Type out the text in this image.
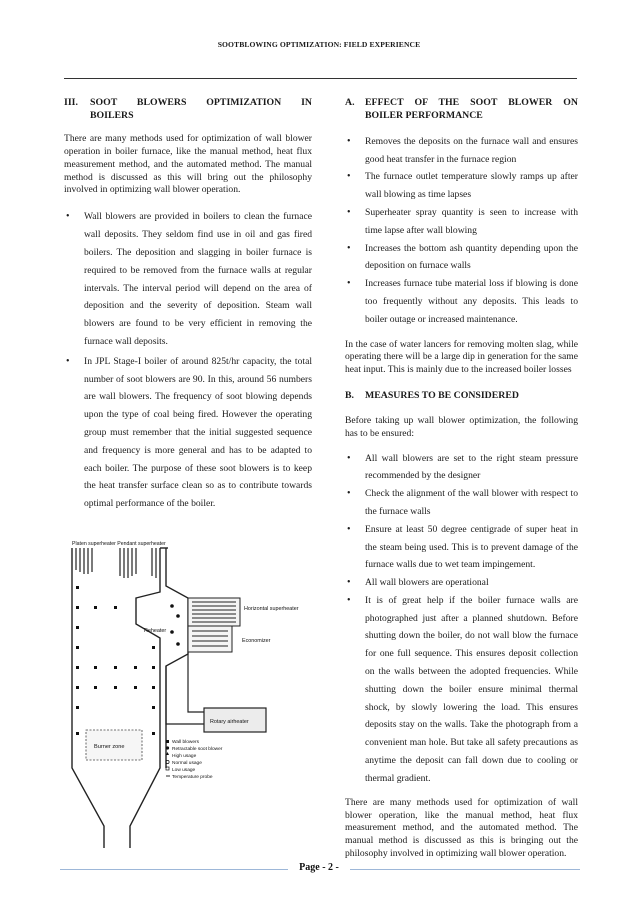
SOOTBLOWING OPTIMIZATION: FIELD EXPERIENCE
III.	SOOT BLOWERS OPTIMIZATION IN
BOILERS

There are many methods used for optimization of wall blower operation in boiler furnace, like the manual method, heat flux measurement method, and the automated method. The manual method is discussed as this will bring out the philosophy involved in optimizing wall blower operation.

• Wall blowers are provided in boilers to clean the furnace wall deposits. They seldom find use in oil and gas fired boilers. The deposition and slagging in boiler furnace is required to be removed from the furnace walls at regular intervals. The interval period will depend on the area of deposition and the severity of deposition. Steam wall blowers are found to be very efficient in removing the furnace wall deposits.
• In JPL Stage-I boiler of around 825t/hr capacity, the total number of soot blowers are 90. In this, around 56 numbers are wall blowers. The frequency of soot blowing depends upon the type of coal being fired. However the operating group must remember that the initial suggested sequence and frequency is more general and has to be adapted to each boiler. The purpose of these soot blowers is to keep the heat transfer surface clean so as to contribute towards optimal performance of the boiler.
Platen superheater Pendant superheater
Horizontal superheater
Economizer
Reheater
Rotary airheater
Burner zone
Wall blowers
Retractable soot blower
High usage
Normal usage
Low usage
Temperature probe
A.	EFFECT OF THE SOOT BLOWER ON
BOILER PERFORMANCE
• Removes the deposits on the furnace wall and ensures good heat transfer in the furnace region
• The furnace outlet temperature slowly ramps up after wall blowing as time lapses
• Superheater spray quantity is seen to increase with time lapse after wall blowing
• Increases the bottom ash quantity depending upon the deposition on furnace walls
• Increases furnace tube material loss if blowing is done too frequently without any deposits. This leads to boiler outage or increased maintenance.

In the case of water lancers for removing molten slag, while operating there will be a large dip in generation for the same heat input. This is mainly due to the increased boiler losses

B.	MEASURES TO BE CONSIDERED

Before taking up wall blower optimization, the following has to be ensured:

• All wall blowers are set to the right steam pressure recommended by the designer
• Check the alignment of the wall blower with respect to the furnace walls
• Ensure at least 50 degree centigrade of super heat in the steam being used. This is to prevent damage of the furnace walls due to wet team impingement.
• All wall blowers are operational
• It is of great help if the boiler furnace walls are photographed just after a planned shutdown. Before shutting down the boiler, do not wall blow the furnace for one full sequence. This ensures deposit collection on the walls between the adopted frequencies. While shutting down the boiler ensure minimal thermal shock, by slowly lowering the load. This ensures deposits stay on the walls. Take the photograph from a convenient man hole. But take all safety precautions as anytime the deposit can fall down due to cooling or thermal gradient.

There are many methods used for optimization of wall blower operation, like the manual method, heat flux measurement method, and the automated method. The manual method is discussed as this is bringing out the philosophy involved in optimizing wall blower operation.

Page - 2 -
